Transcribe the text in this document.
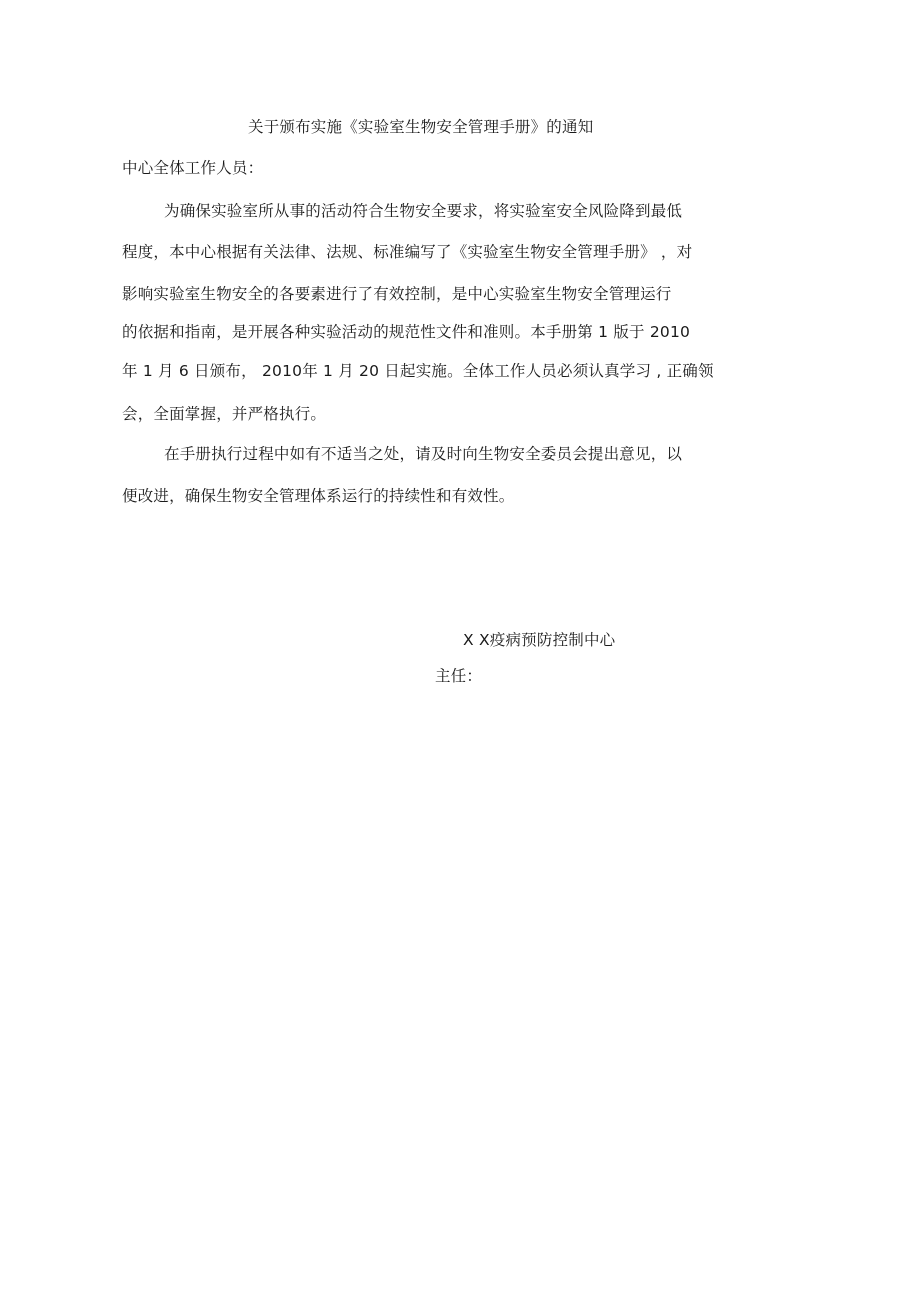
关于颁布实施《实验室生物安全管理手册》的通知
中心全体工作人员：
为确保实验室所从事的活动符合生物安全要求，将实验室安全风险降到最低
程度，本中心根据有关法律、法规、标准编写了《实验室生物安全管理手册》 ，对
影响实验室生物安全的各要素进行了有效控制，是中心实验室生物安全管理运行
的依据和指南，是开展各种实验活动的规范性文件和准则。本手册第 1 版于 2010
年 1 月 6 日颁布， 2010年 1 月 20 日起实施。全体工作人员必须认真学习 , 正确领
会，全面掌握，并严格执行。
在手册执行过程中如有不适当之处，请及时向生物安全委员会提出意见，以
便改进，确保生物安全管理体系运行的持续性和有效性。
X X疫病预防控制中心
主任：
